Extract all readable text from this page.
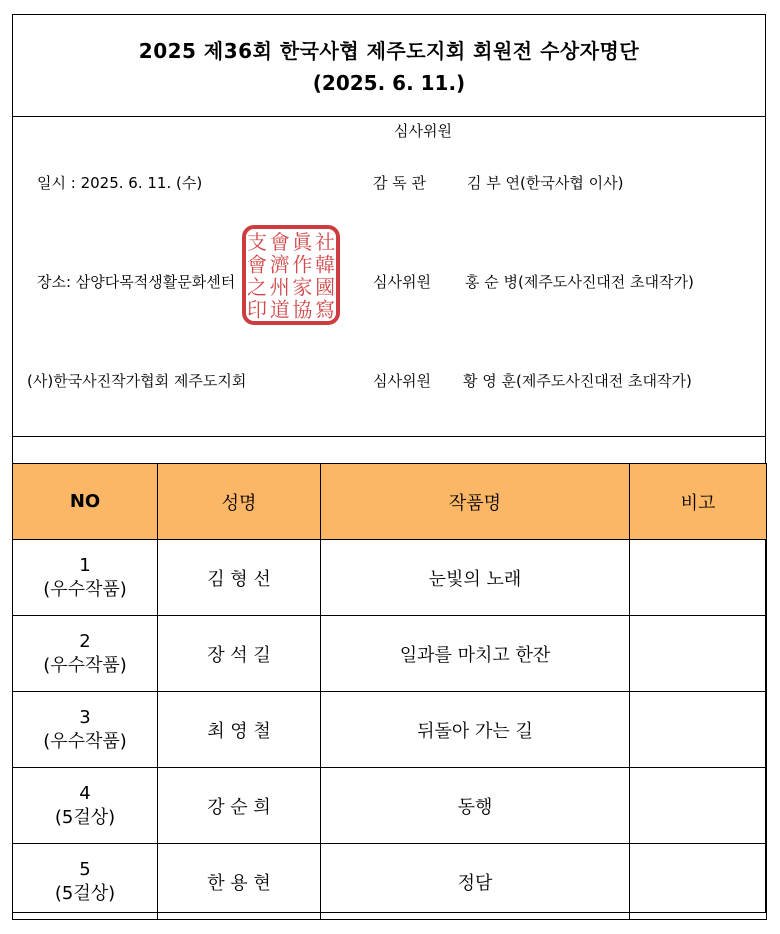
2025 제36회 한국사협 제주도지회 회원전 수상자명단
(2025. 6. 11.)
심사위원
일시 : 2025. 6. 11. (수)	감 독 관	김 부 연(한국사협 이사)
장소: 삼양다목적생활문화센터	심사위원 홍 순 병(제주도사진대전 초대작가)
(사)한국사진작가협회 제주도지회	심사위원 황 영 훈(제주도사진대전 초대작가)
NO	성명	작품명	비고

1
(우수작품)	김 형 선	눈빛의 노래	

2
(우수작품)	장 석 길	일과를 마치고 한잔	

3
(우수작품)	최 영 철	뒤돌아 가는 길	

4
(5걸상)	강 순 희	동행	

5
(5걸상)	한 용 현	정담	
社
韓
國
寫
眞
作
家
協
會
濟
州
道
支
會
之
印
